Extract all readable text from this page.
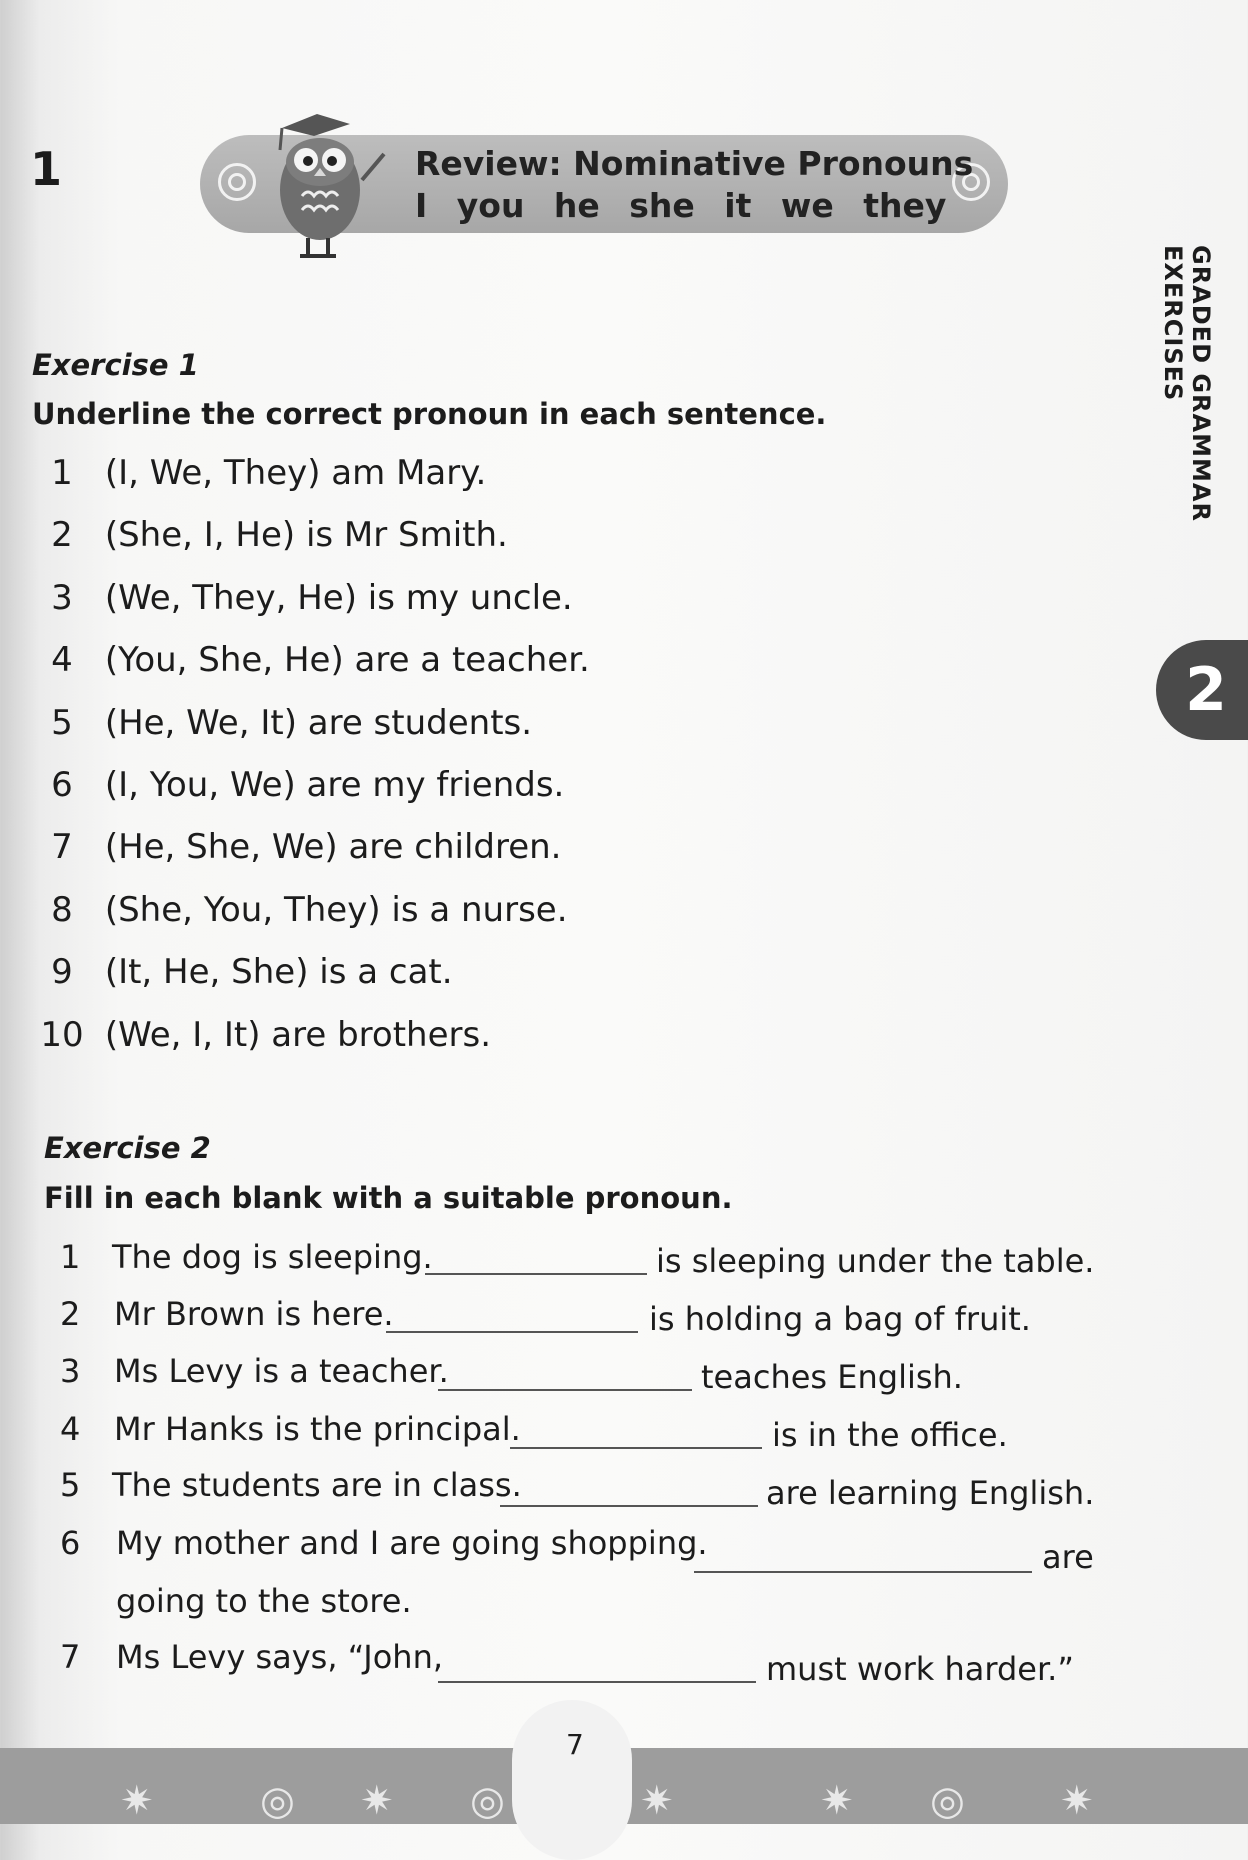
1	Review: Nominative Pronouns
I you he she it we they
GRADED GRAMMAR EXERCISES
2
Exercise 1
Underline the correct pronoun in each sentence.
1 (I, We, They) am Mary.
2 (She, I, He) is Mr Smith.
3 (We, They, He) is my uncle.
4 (You, She, He) are a teacher.
5 (He, We, It) are students.
6 (I, You, We) are my friends.
7 (He, She, We) are children.
8 (She, You, They) is a nurse.
9 (It, He, She) is a cat.
10 (We, I, It) are brothers.
Exercise 2
Fill in each blank with a suitable pronoun.
1 The dog is sleeping.	is sleeping under the table.
2 Mr Brown is here.	is holding a bag of fruit.
3 Ms Levy is a teacher.	teaches English.
4 Mr Hanks is the principal.	is in the office.
5 The students are in class.	are learning English.
6 My mother and I are going shopping.	are
going to the store.
7 Ms Levy says, “John,	must work harder.”
7
✷	◎ ✷ ◎	✷	✷ ◎ ✷
